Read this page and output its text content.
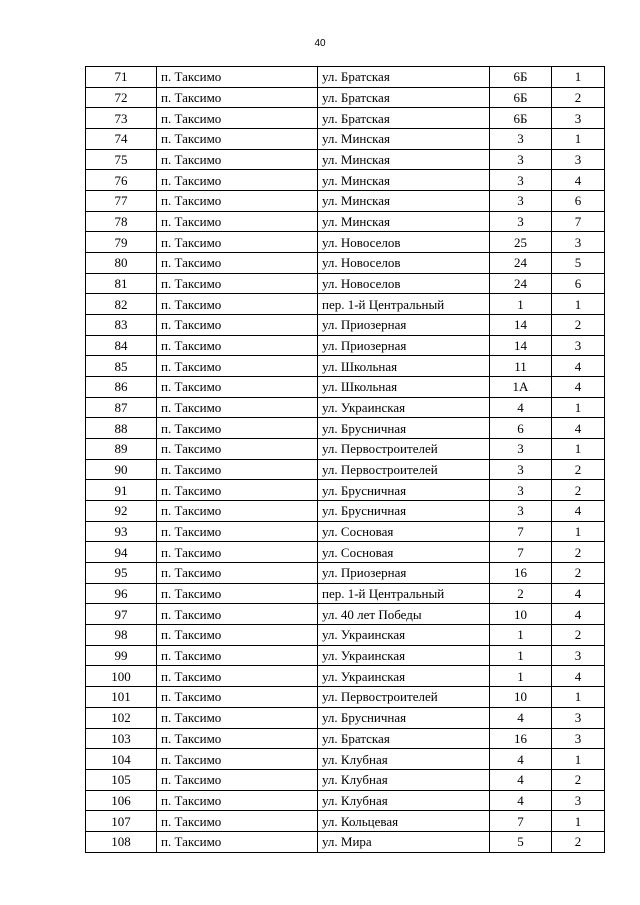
40
71	п. Таксимо	ул. Братская	6Б	1
72	п. Таксимо	ул. Братская	6Б	2
73	п. Таксимо	ул. Братская	6Б	3
74	п. Таксимо	ул. Минская	3	1
75	п. Таксимо	ул. Минская	3	3
76	п. Таксимо	ул. Минская	3	4
77	п. Таксимо	ул. Минская	3	6
78	п. Таксимо	ул. Минская	3	7
79	п. Таксимо	ул. Новоселов	25	3
80	п. Таксимо	ул. Новоселов	24	5
81	п. Таксимо	ул. Новоселов	24	6
82	п. Таксимо	пер. 1-й Центральный	1	1
83	п. Таксимо	ул. Приозерная	14	2
84	п. Таксимо	ул. Приозерная	14	3
85	п. Таксимо	ул. Школьная	11	4
86	п. Таксимо	ул. Школьная	1А	4
87	п. Таксимо	ул. Украинская	4	1
88	п. Таксимо	ул. Брусничная	6	4
89	п. Таксимо	ул. Первостроителей	3	1
90	п. Таксимо	ул. Первостроителей	3	2
91	п. Таксимо	ул. Брусничная	3	2
92	п. Таксимо	ул. Брусничная	3	4
93	п. Таксимо	ул. Сосновая	7	1
94	п. Таксимо	ул. Сосновая	7	2
95	п. Таксимо	ул. Приозерная	16	2
96	п. Таксимо	пер. 1-й Центральный	2	4
97	п. Таксимо	ул. 40 лет Победы	10	4
98	п. Таксимо	ул. Украинская	1	2
99	п. Таксимо	ул. Украинская	1	3
100	п. Таксимо	ул. Украинская	1	4
101	п. Таксимо	ул. Первостроителей	10	1
102	п. Таксимо	ул. Брусничная	4	3
103	п. Таксимо	ул. Братская	16	3
104	п. Таксимо	ул. Клубная	4	1
105	п. Таксимо	ул. Клубная	4	2
106	п. Таксимо	ул. Клубная	4	3
107	п. Таксимо	ул. Кольцевая	7	1
108	п. Таксимо	ул. Мира	5	2
